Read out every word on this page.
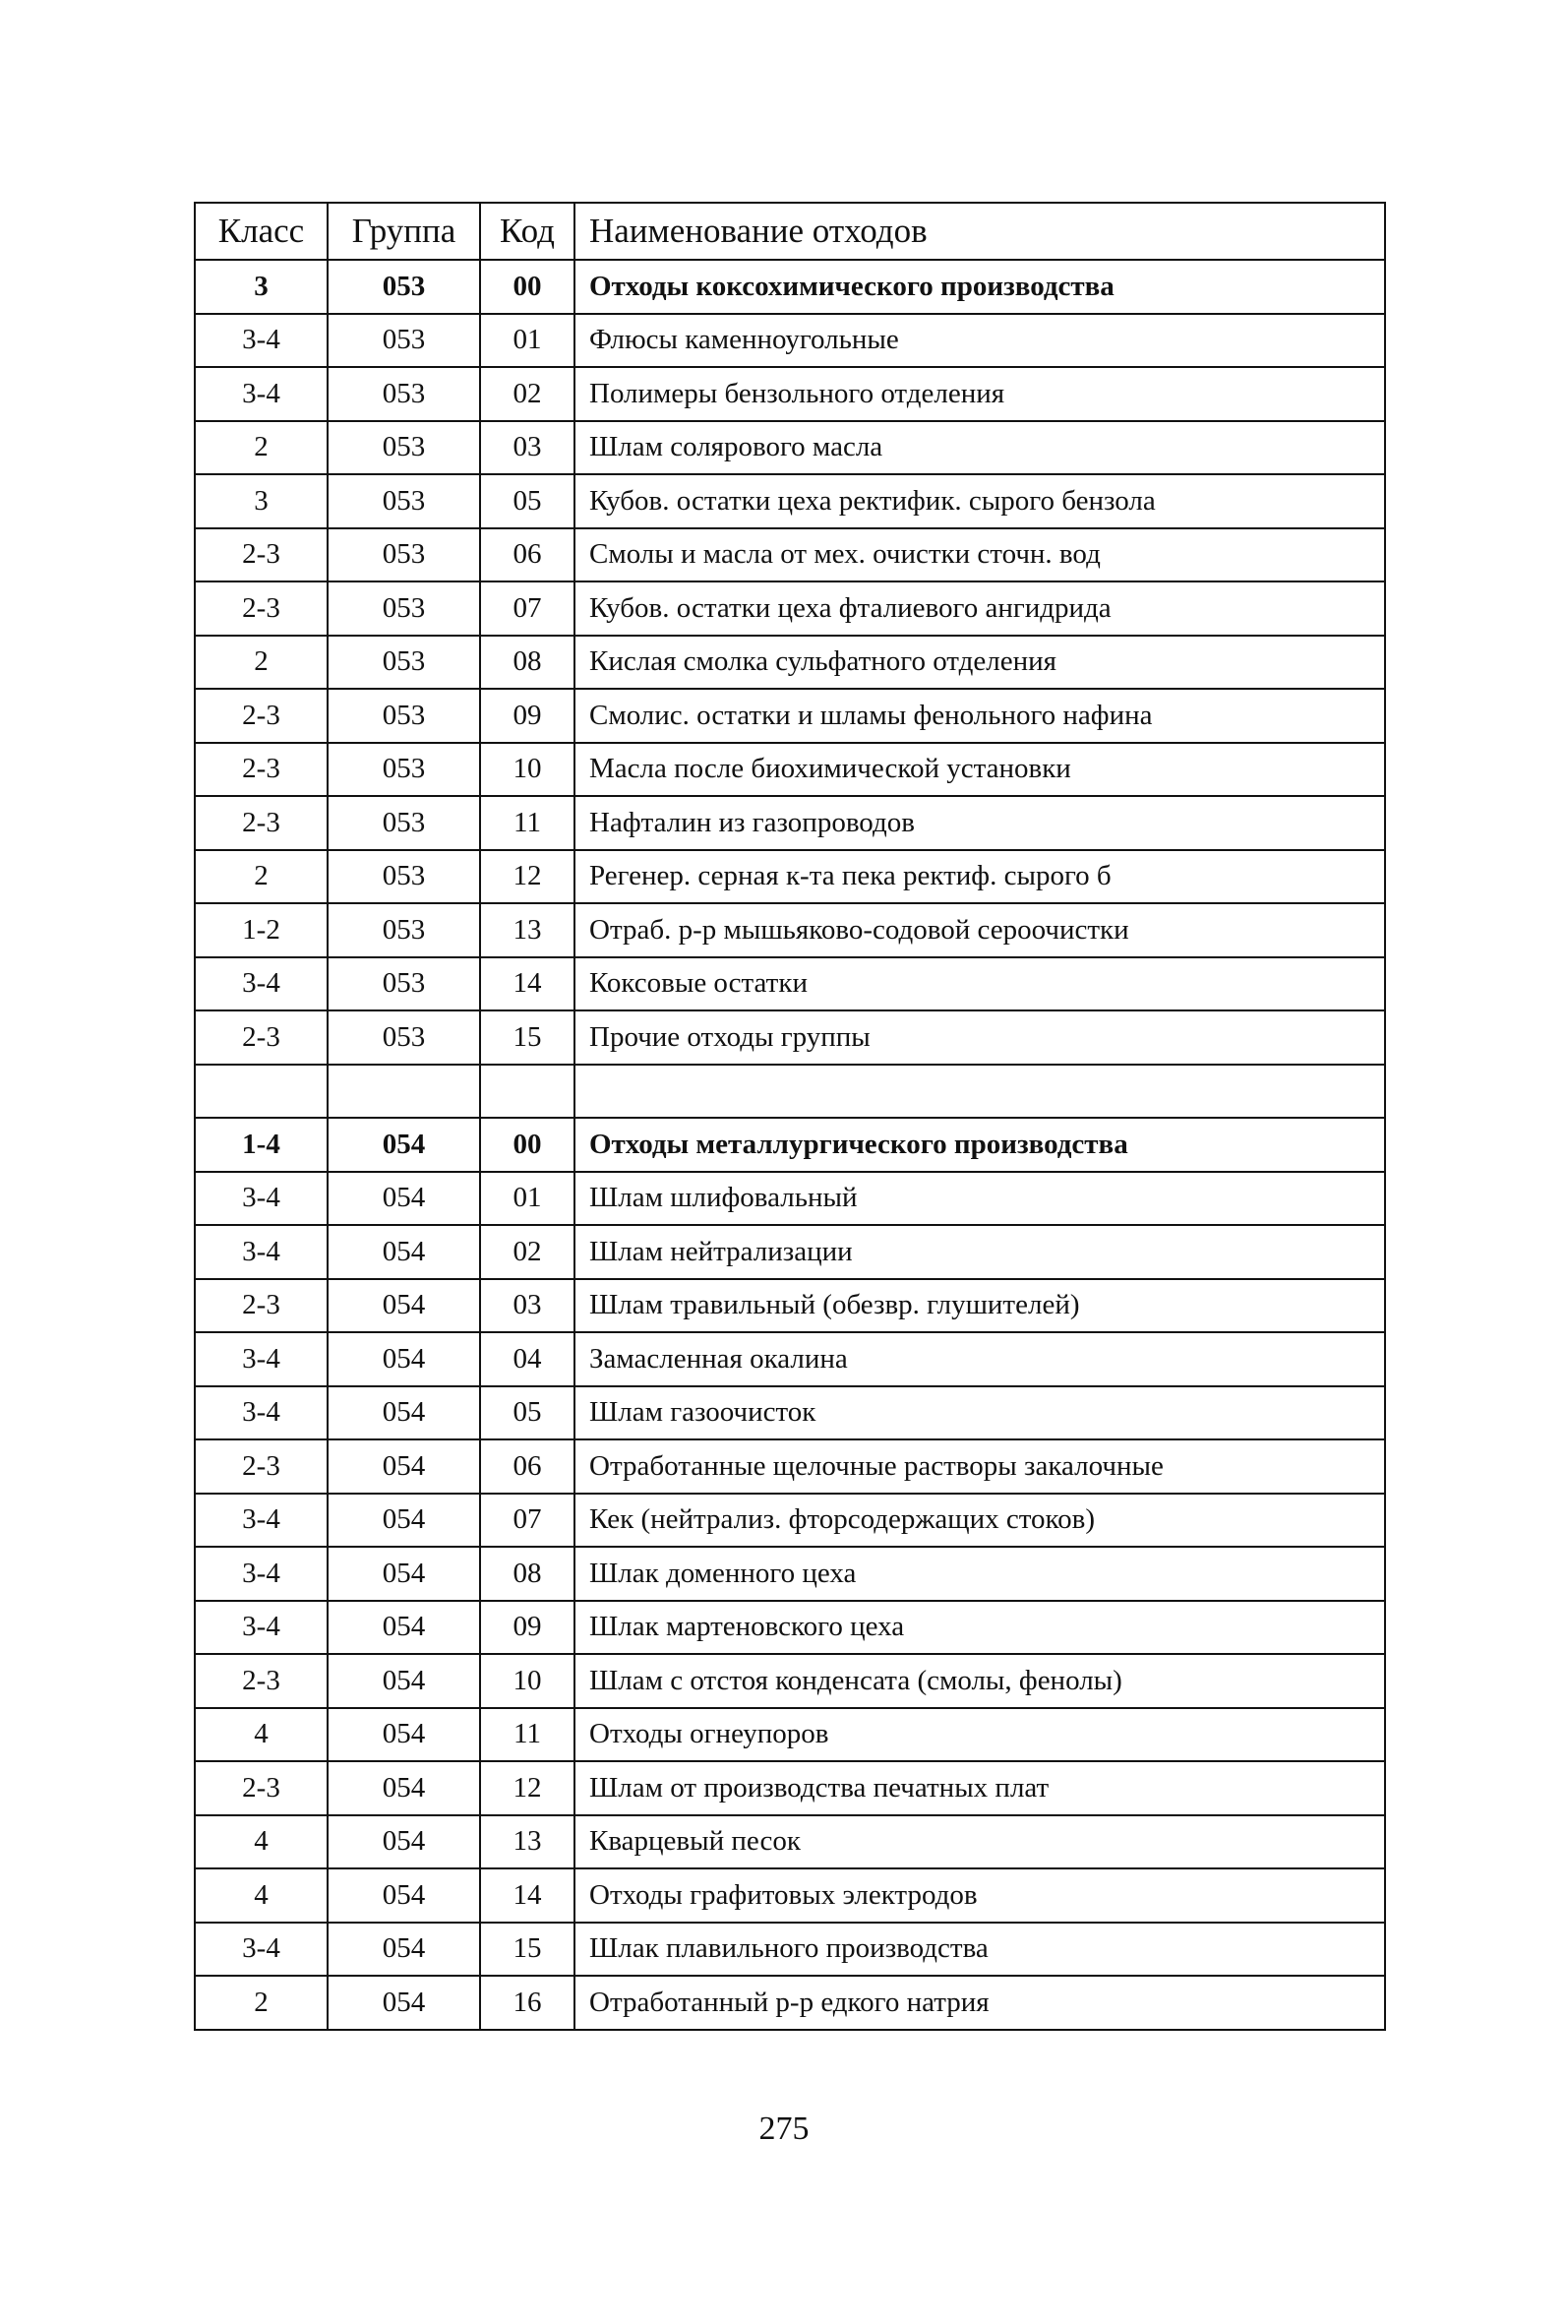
Класс	Группа	Код	Наименование отходов
3	053	00	Отходы коксохимического производства
3-4	053	01	Флюсы каменноугольные
3-4	053	02	Полимеры бензольного отделения
2	053	03	Шлам солярового масла
3	053	05	Кубов. остатки цеха ректифик. сырого бензола
2-3	053	06	Смолы и масла от мех. очистки сточн. вод
2-3	053	07	Кубов. остатки цеха фталиевого ангидрида
2	053	08	Кислая смолка сульфатного отделения
2-3	053	09	Смолис. остатки и шламы фенольного нафина
2-3	053	10	Масла после биохимической установки
2-3	053	11	Нафталин из газопроводов
2	053	12	Регенер. серная к-та пека ректиф. сырого б
1-2	053	13	Отраб. р-р мышьяково-содовой сероочистки
3-4	053	14	Коксовые остатки
2-3	053	15	Прочие отходы группы

1-4	054	00	Отходы металлургического производства
3-4	054	01	Шлам шлифовальный
3-4	054	02	Шлам нейтрализации
2-3	054	03	Шлам травильный (обезвр. глушителей)
3-4	054	04	Замасленная окалина
3-4	054	05	Шлам газоочисток
2-3	054	06	Отработанные щелочные растворы закалочные
3-4	054	07	Кек (нейтрализ. фторсодержащих стоков)
3-4	054	08	Шлак доменного цеха
3-4	054	09	Шлак мартеновского цеха
2-3	054	10	Шлам с отстоя конденсата (смолы, фенолы)
4	054	11	Отходы огнеупоров
2-3	054	12	Шлам от производства печатных плат
4	054	13	Кварцевый песок
4	054	14	Отходы графитовых электродов
3-4	054	15	Шлак плавильного производства
2	054	16	Отработанный р-р едкого натрия
275
